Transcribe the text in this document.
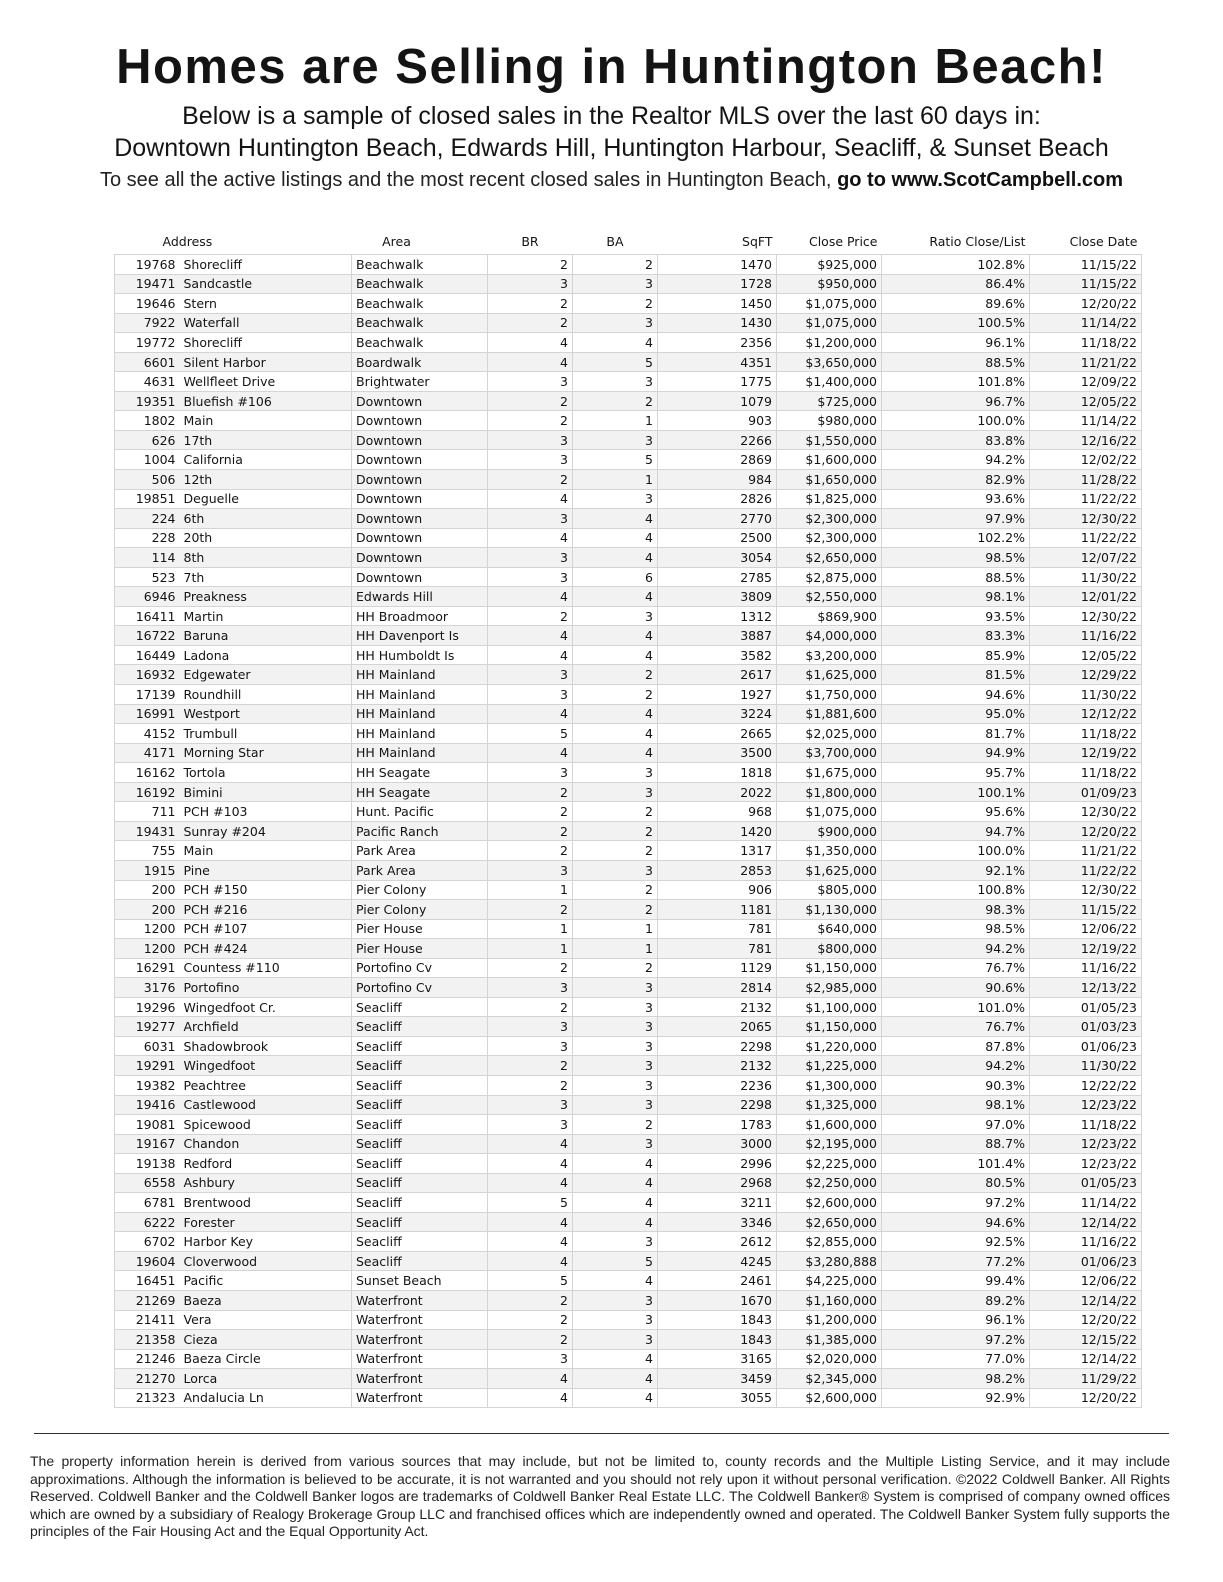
Homes are Selling in Huntington Beach!
Below is a sample of closed sales in the Realtor MLS over the last 60 days in:
Downtown Huntington Beach, Edwards Hill, Huntington Harbour, Seacliff, & Sunset Beach
To see all the active listings and the most recent closed sales in Huntington Beach, go to www.ScotCampbell.com
Address		Area	BR	BA	SqFT	Close Price	Ratio Close/List	Close Date
19768	Shorecliff	Beachwalk	2	2	1470	$925,000	102.8%	11/15/22
19471	Sandcastle	Beachwalk	3	3	1728	$950,000	86.4%	11/15/22
19646	Stern	Beachwalk	2	2	1450	$1,075,000	89.6%	12/20/22
7922	Waterfall	Beachwalk	2	3	1430	$1,075,000	100.5%	11/14/22
19772	Shorecliff	Beachwalk	4	4	2356	$1,200,000	96.1%	11/18/22
6601	Silent Harbor	Boardwalk	4	5	4351	$3,650,000	88.5%	11/21/22
4631	Wellfleet Drive	Brightwater	3	3	1775	$1,400,000	101.8%	12/09/22
19351	Bluefish #106	Downtown	2	2	1079	$725,000	96.7%	12/05/22
1802	Main	Downtown	2	1	903	$980,000	100.0%	11/14/22
626	17th	Downtown	3	3	2266	$1,550,000	83.8%	12/16/22
1004	California	Downtown	3	5	2869	$1,600,000	94.2%	12/02/22
506	12th	Downtown	2	1	984	$1,650,000	82.9%	11/28/22
19851	Deguelle	Downtown	4	3	2826	$1,825,000	93.6%	11/22/22
224	6th	Downtown	3	4	2770	$2,300,000	97.9%	12/30/22
228	20th	Downtown	4	4	2500	$2,300,000	102.2%	11/22/22
114	8th	Downtown	3	4	3054	$2,650,000	98.5%	12/07/22
523	7th	Downtown	3	6	2785	$2,875,000	88.5%	11/30/22
6946	Preakness	Edwards Hill	4	4	3809	$2,550,000	98.1%	12/01/22
16411	Martin	HH Broadmoor	2	3	1312	$869,900	93.5%	12/30/22
16722	Baruna	HH Davenport Is	4	4	3887	$4,000,000	83.3%	11/16/22
16449	Ladona	HH Humboldt Is	4	4	3582	$3,200,000	85.9%	12/05/22
16932	Edgewater	HH Mainland	3	2	2617	$1,625,000	81.5%	12/29/22
17139	Roundhill	HH Mainland	3	2	1927	$1,750,000	94.6%	11/30/22
16991	Westport	HH Mainland	4	4	3224	$1,881,600	95.0%	12/12/22
4152	Trumbull	HH Mainland	5	4	2665	$2,025,000	81.7%	11/18/22
4171	Morning Star	HH Mainland	4	4	3500	$3,700,000	94.9%	12/19/22
16162	Tortola	HH Seagate	3	3	1818	$1,675,000	95.7%	11/18/22
16192	Bimini	HH Seagate	2	3	2022	$1,800,000	100.1%	01/09/23
711	PCH #103	Hunt. Pacific	2	2	968	$1,075,000	95.6%	12/30/22
19431	Sunray #204	Pacific Ranch	2	2	1420	$900,000	94.7%	12/20/22
755	Main	Park Area	2	2	1317	$1,350,000	100.0%	11/21/22
1915	Pine	Park Area	3	3	2853	$1,625,000	92.1%	11/22/22
200	PCH #150	Pier Colony	1	2	906	$805,000	100.8%	12/30/22
200	PCH #216	Pier Colony	2	2	1181	$1,130,000	98.3%	11/15/22
1200	PCH #107	Pier House	1	1	781	$640,000	98.5%	12/06/22
1200	PCH #424	Pier House	1	1	781	$800,000	94.2%	12/19/22
16291	Countess #110	Portofino Cv	2	2	1129	$1,150,000	76.7%	11/16/22
3176	Portofino	Portofino Cv	3	3	2814	$2,985,000	90.6%	12/13/22
19296	Wingedfoot Cr.	Seacliff	2	3	2132	$1,100,000	101.0%	01/05/23
19277	Archfield	Seacliff	3	3	2065	$1,150,000	76.7%	01/03/23
6031	Shadowbrook	Seacliff	3	3	2298	$1,220,000	87.8%	01/06/23
19291	Wingedfoot	Seacliff	2	3	2132	$1,225,000	94.2%	11/30/22
19382	Peachtree	Seacliff	2	3	2236	$1,300,000	90.3%	12/22/22
19416	Castlewood	Seacliff	3	3	2298	$1,325,000	98.1%	12/23/22
19081	Spicewood	Seacliff	3	2	1783	$1,600,000	97.0%	11/18/22
19167	Chandon	Seacliff	4	3	3000	$2,195,000	88.7%	12/23/22
19138	Redford	Seacliff	4	4	2996	$2,225,000	101.4%	12/23/22
6558	Ashbury	Seacliff	4	4	2968	$2,250,000	80.5%	01/05/23
6781	Brentwood	Seacliff	5	4	3211	$2,600,000	97.2%	11/14/22
6222	Forester	Seacliff	4	4	3346	$2,650,000	94.6%	12/14/22
6702	Harbor Key	Seacliff	4	3	2612	$2,855,000	92.5%	11/16/22
19604	Cloverwood	Seacliff	4	5	4245	$3,280,888	77.2%	01/06/23
16451	Pacific	Sunset Beach	5	4	2461	$4,225,000	99.4%	12/06/22
21269	Baeza	Waterfront	2	3	1670	$1,160,000	89.2%	12/14/22
21411	Vera	Waterfront	2	3	1843	$1,200,000	96.1%	12/20/22
21358	Cieza	Waterfront	2	3	1843	$1,385,000	97.2%	12/15/22
21246	Baeza Circle	Waterfront	3	4	3165	$2,020,000	77.0%	12/14/22
21270	Lorca	Waterfront	4	4	3459	$2,345,000	98.2%	11/29/22
21323	Andalucia Ln	Waterfront	4	4	3055	$2,600,000	92.9%	12/20/22
The property information herein is derived from various sources that may include, but not be limited to, county records and the Multiple Listing Service, and it may include approximations. Although the information is believed to be accurate, it is not warranted and you should not rely upon it without personal verification. ©2022 Coldwell Banker. All Rights Reserved. Coldwell Banker and the Coldwell Banker logos are trademarks of Coldwell Banker Real Estate LLC. The Coldwell Banker® System is comprised of company owned offices which are owned by a subsidiary of Realogy Brokerage Group LLC and franchised offices which are independently owned and operated. The Coldwell Banker System fully supports the principles of the Fair Housing Act and the Equal Opportunity Act.
